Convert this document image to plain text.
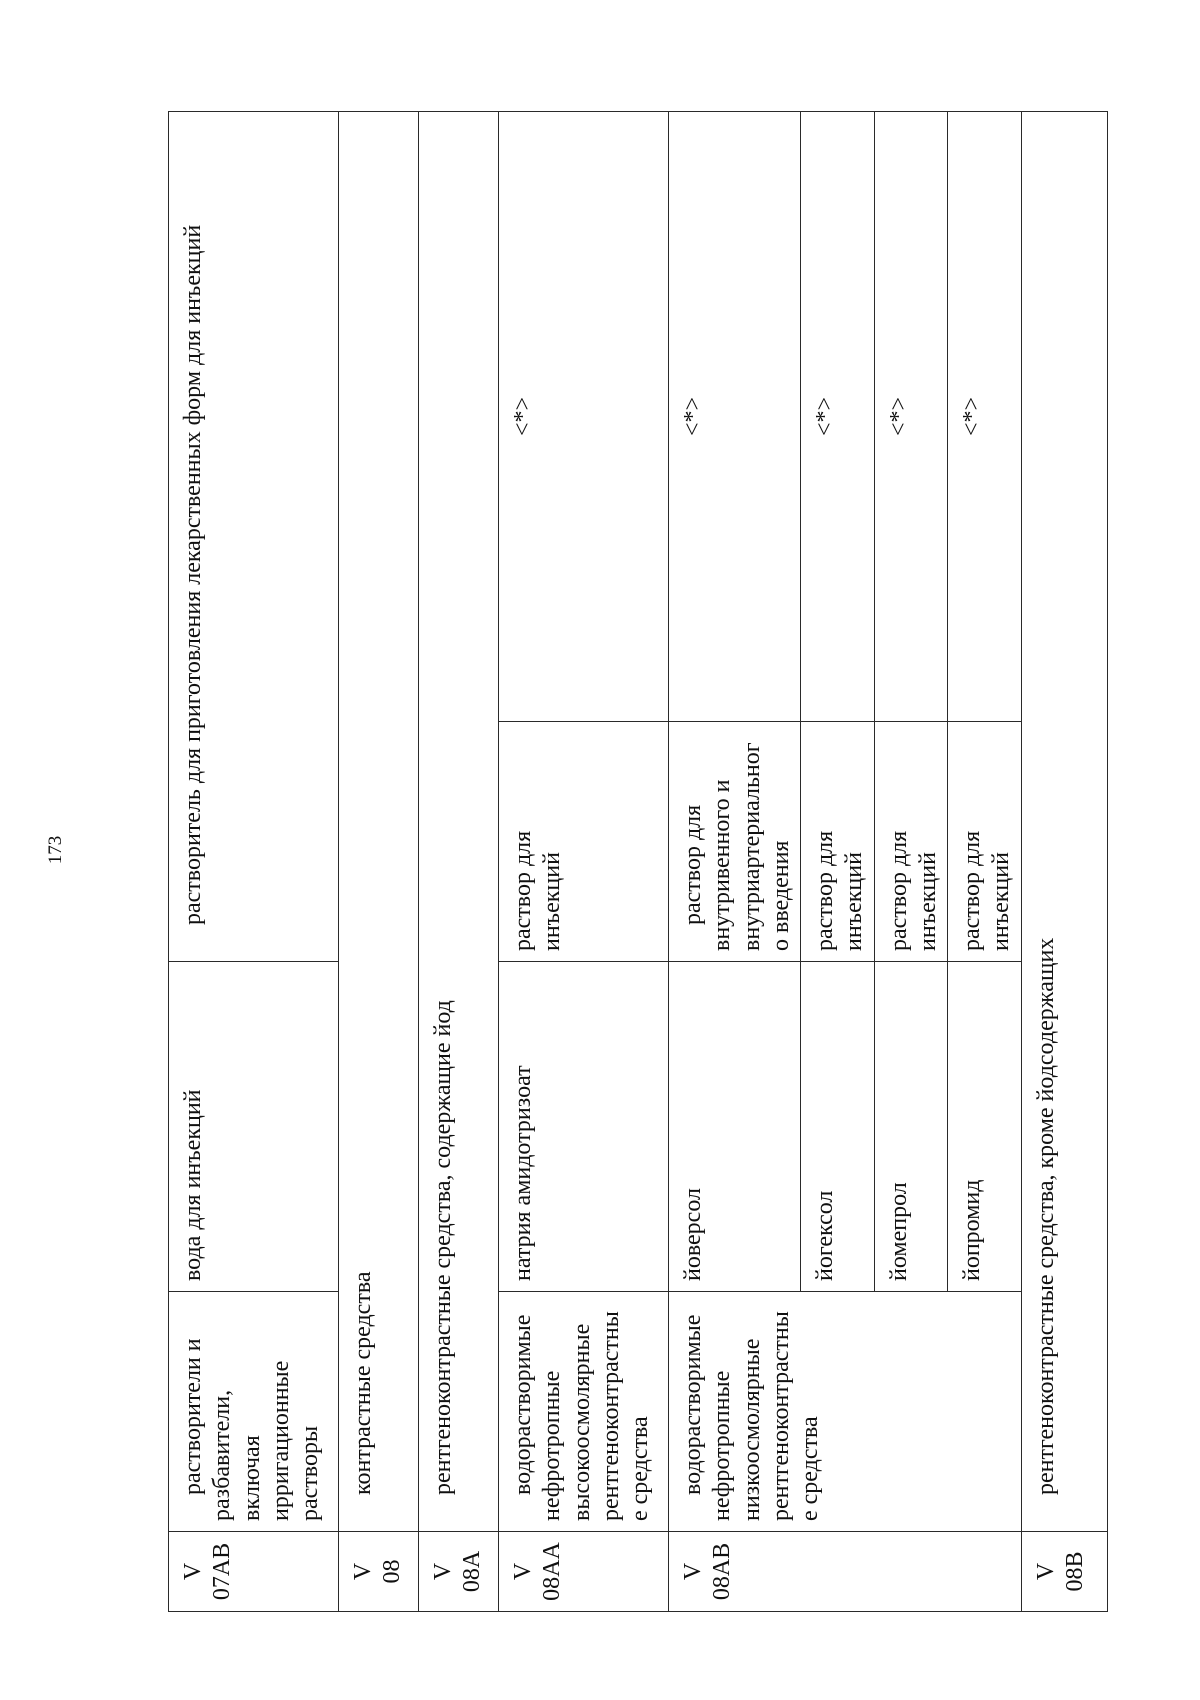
173
V 07AB	растворители и разбавители, включая ирригационные растворы	вода для инъекций	растворитель для приготовления лекарственных форм для инъекций	

V 08	контрастные средства			

V 08A	рентгеноконтрастные средства, содержащие йод			

V 08AA	водорастворимые нефротропные высокоосмолярные рентгеноконтрастные средства	натрия амидотризоат	раствор для инъекций	<*>

V 08AB	водорастворимые нефротропные низкоосмолярные рентгеноконтрастные средства	йоверсол	раствор для внутривенного и внутриартериального введения	<*>
		йогексол	раствор для инъекций	<*>
		йомепрол	раствор для инъекций	<*>
		йопромид	раствор для инъекций	<*>

V 08B	рентгеноконтрастные средства, кроме йодсодержащих			
